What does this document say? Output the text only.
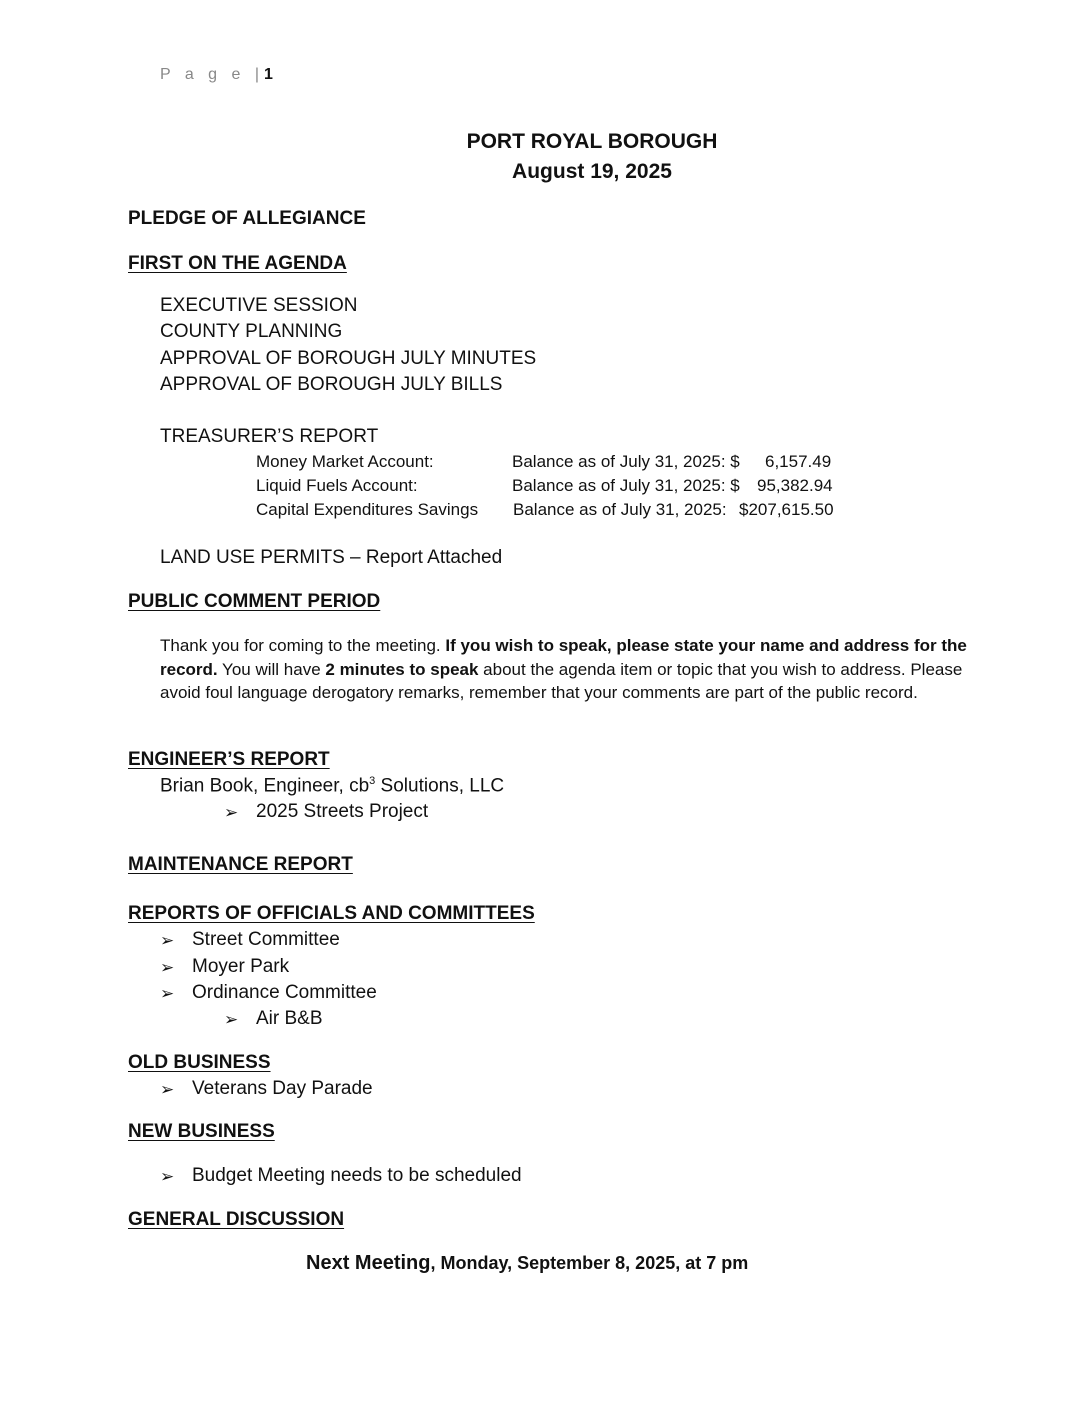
P a g e |1
PORT ROYAL BOROUGH
August 19, 2025
PLEDGE OF ALLEGIANCE
FIRST ON THE AGENDA
EXECUTIVE SESSION
COUNTY PLANNING
APPROVAL OF BOROUGH JULY MINUTES
APPROVAL OF BOROUGH JULY BILLS
TREASURER’S REPORT
Money Market Account:	Balance as of July 31, 2025: $ 6,157.49
Liquid Fuels Account:	Balance as of July 31, 2025: $ 95,382.94
Capital Expenditures Savings Balance as of July 31, 2025: $207,615.50
LAND USE PERMITS – Report Attached
PUBLIC COMMENT PERIOD
Thank you for coming to the meeting. If you wish to speak, please state your name and address for the record. You will have 2 minutes to speak about the agenda item or topic that you wish to address. Please avoid foul language derogatory remarks, remember that your comments are part of the public record.
ENGINEER’S REPORT
Brian Book, Engineer, $cb^3$ Solutions, LLC
➢ 2025 Streets Project
MAINTENANCE REPORT
REPORTS OF OFFICIALS AND COMMITTEES
➢ Street Committee
➢ Moyer Park
➢ Ordinance Committee
➢ Air B&B
OLD BUSINESS
➢ Veterans Day Parade
NEW BUSINESS
➢ Budget Meeting needs to be scheduled
GENERAL DISCUSSION
Next Meeting, Monday, September 8, 2025, at 7 pm
